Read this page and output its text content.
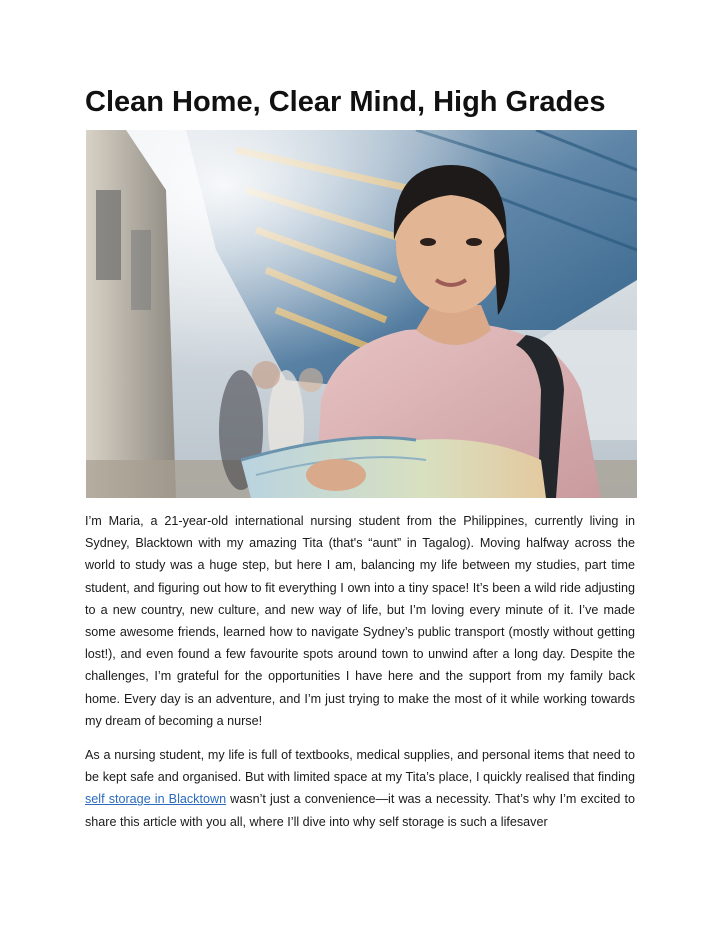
Clean Home, Clear Mind, High Grades

I’m Maria, a 21-year-old international nursing student from the Philippines, currently living in Sydney, Blacktown with my amazing Tita (that's “aunt” in Tagalog). Moving halfway across the world to study was a huge step, but here I am, balancing my life between my studies, part time student, and figuring out how to fit everything I own into a tiny space! It’s been a wild ride adjusting to a new country, new culture, and new way of life, but I’m loving every minute of it. I’ve made some awesome friends, learned how to navigate Sydney’s public transport (mostly without getting lost!), and even found a few favourite spots around town to unwind after a long day. Despite the challenges, I’m grateful for the opportunities I have here and the support from my family back home. Every day is an adventure, and I’m just trying to make the most of it while working towards my dream of becoming a nurse!

As a nursing student, my life is full of textbooks, medical supplies, and personal items that need to be kept safe and organised. But with limited space at my Tita’s place, I quickly realised that finding self storage in Blacktown wasn’t just a convenience—it was a necessity. That’s why I’m excited to share this article with you all, where I’ll dive into why self storage is such a lifesaver
